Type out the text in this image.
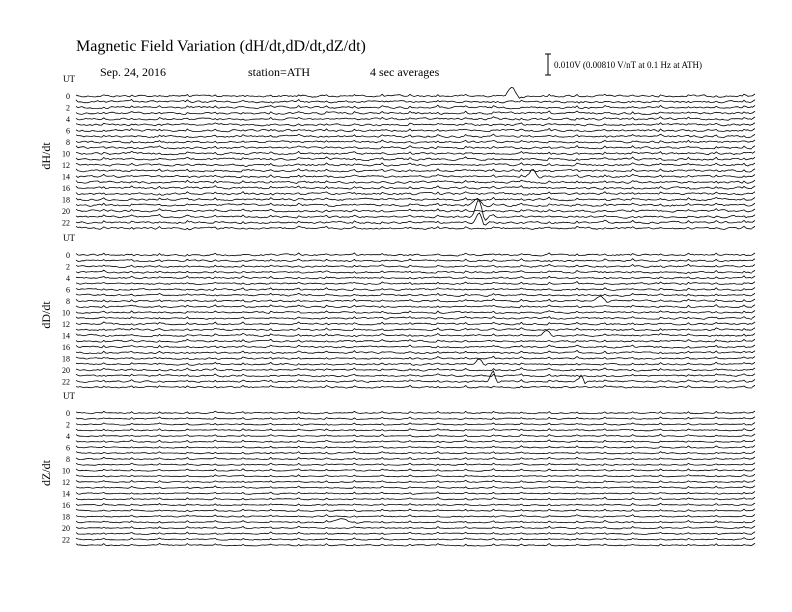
Magnetic Field Variation (dH/dt,dD/dt,dZ/dt)
Sep. 24, 2016	station=ATH	4 sec averages	0.010V (0.00810 V/nT at 0.1 Hz at ATH)
UT
dH/dt
0
2
4
6
8
10
12
14
16
18
20
22
UT
dD/dt
0
2
4
6
8
10
12
14
16
18
20
22
UT
dZ/dt
0
2
4
6
8
10
12
14
16
18
20
22
